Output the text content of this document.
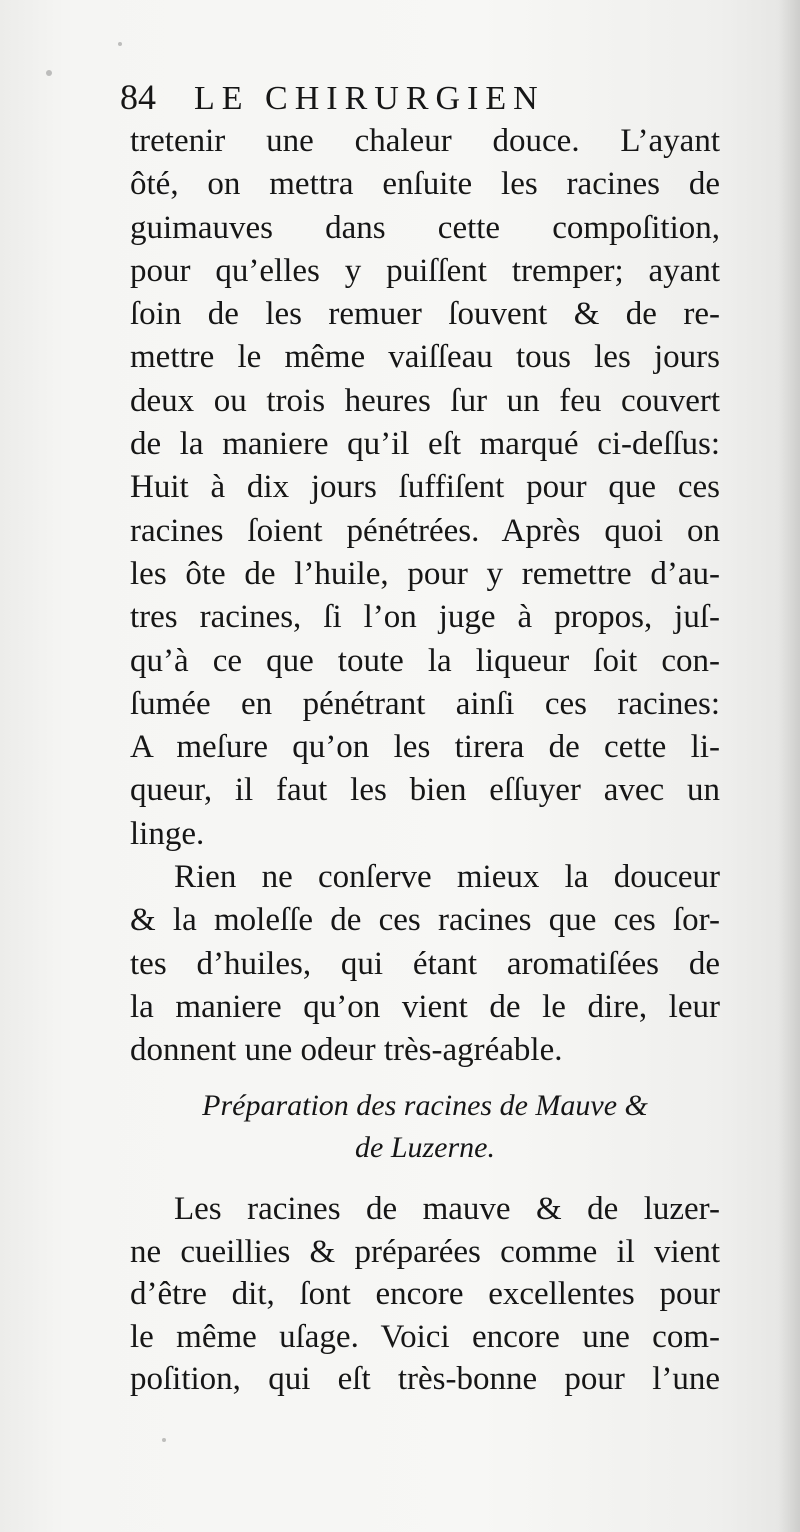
84 LE CHIRURGIEN
tretenir une chaleur douce. L’ayant
ôté, on mettra enſuite les racines de
guimauves dans cette compoſition,
pour qu’elles y puiſſent tremper; ayant
ſoin de les remuer ſouvent & de re-
mettre le même vaiſſeau tous les jours
deux ou trois heures ſur un feu couvert
de la maniere qu’il eſt marqué ci-deſſus:
Huit à dix jours ſuffiſent pour que ces
racines ſoient pénétrées. Après quoi on
les ôte de l’huile, pour y remettre d’au-
tres racines, ſi l’on juge à propos, juſ-
qu’à ce que toute la liqueur ſoit con-
ſumée en pénétrant ainſi ces racines:
A meſure qu’on les tirera de cette li-
queur, il faut les bien eſſuyer avec un
linge.
Rien ne conſerve mieux la douceur
& la moleſſe de ces racines que ces ſor-
tes d’huiles, qui étant aromatiſées de
la maniere qu’on vient de le dire, leur
donnent une odeur très-agréable.
Préparation des racines de Mauve &
de Luzerne.
Les racines de mauve & de luzer-
ne cueillies & préparées comme il vient
d’être dit, ſont encore excellentes pour
le même uſage. Voici encore une com-
poſition, qui eſt très-bonne pour l’une
